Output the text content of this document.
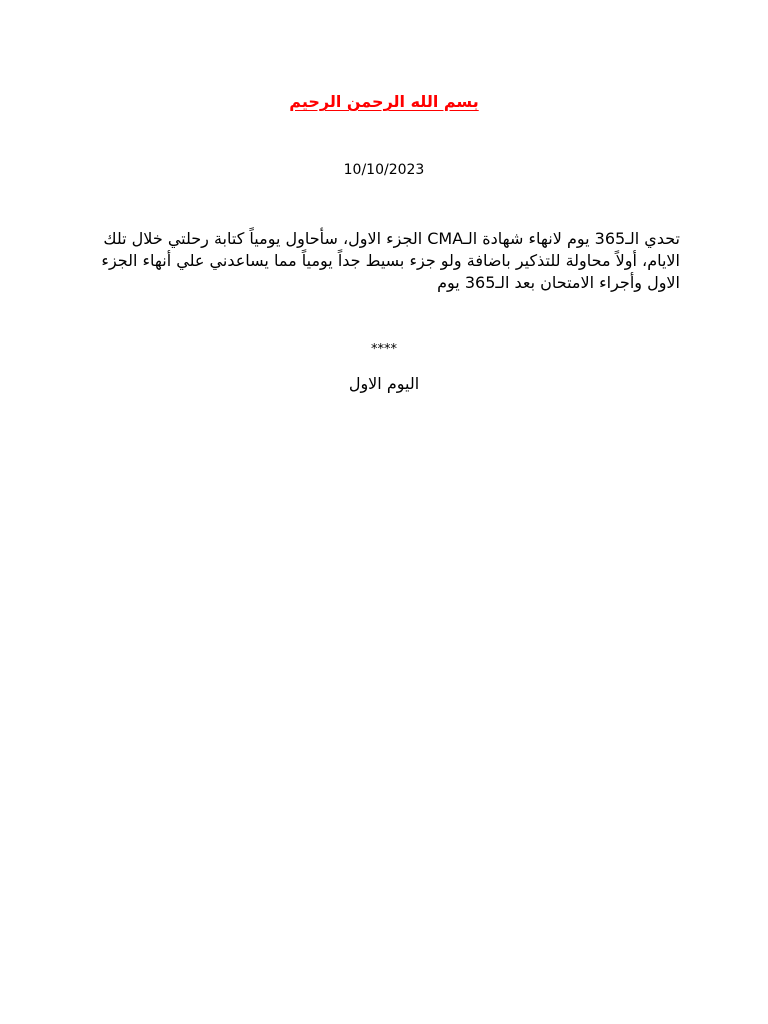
بسم الله الرحمن الرحيم
10/10/2023

تحدي الـ365 يوم لانهاء شهادة الـCMA الجزء الاول، سأحاول يومياً كتابة رحلتي خلال تلك الايام، أولاً محاولة للتذكير باضافة ولو جزء بسيط جداً يومياً مما يساعدني علي أنهاء الجزء الاول وأجراء الامتحان بعد الـ365 يوم

****
اليوم الاول
